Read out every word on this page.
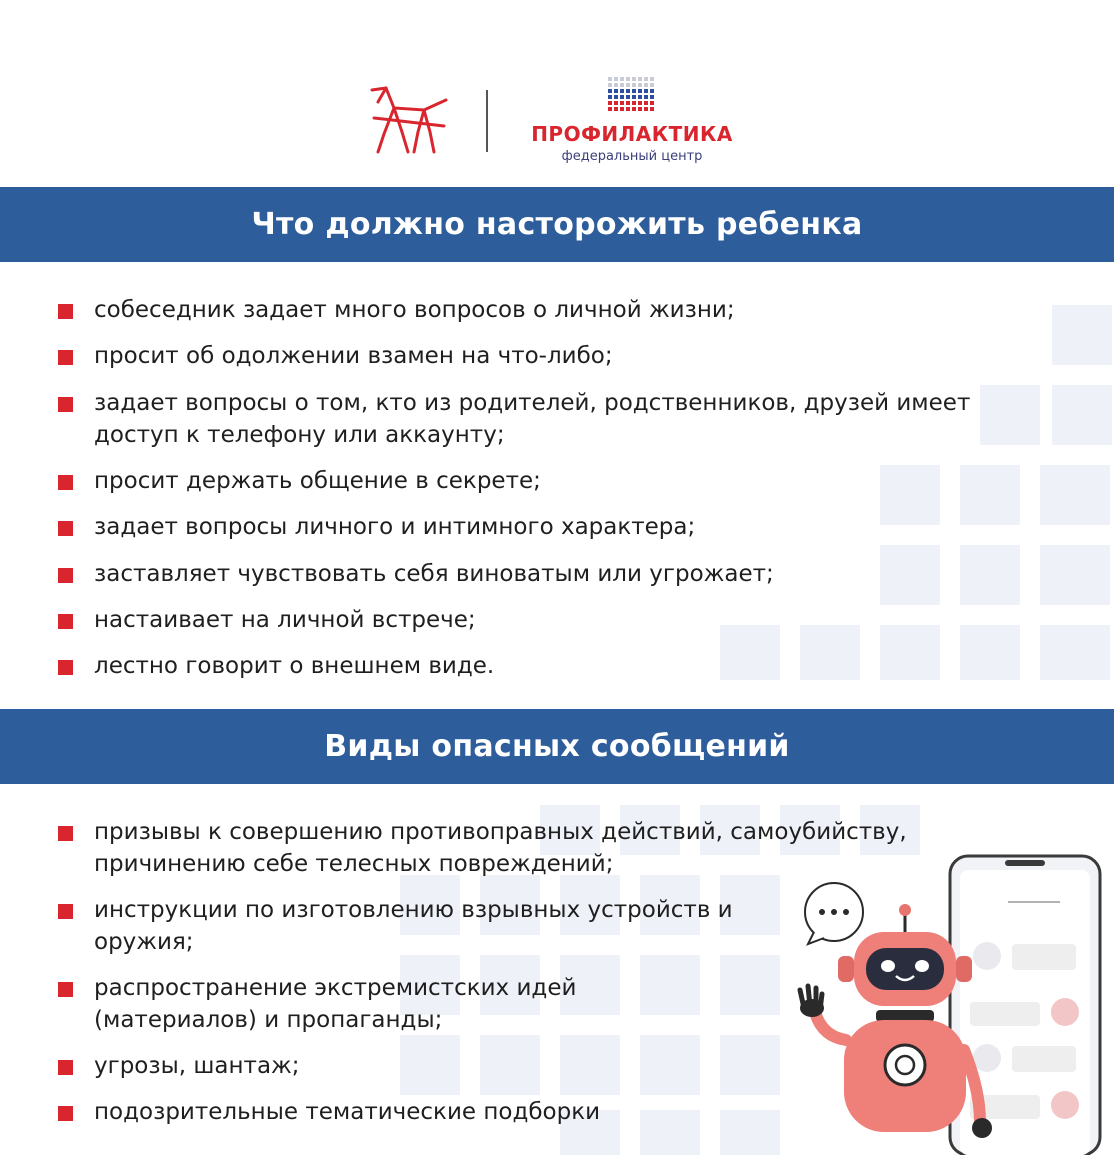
ПРОФИЛАКТИКА
федеральный центр
Что должно насторожить ребенка
собеседник задает много вопросов о личной жизни;
просит об одолжении взамен на что-либо;
задает вопросы о том, кто из родителей, родственников, друзей имеет доступ к телефону или аккаунту;
просит держать общение в секрете;
задает вопросы личного и интимного характера;
заставляет чувствовать себя виноватым или угрожает;
настаивает на личной встрече;
лестно говорит о внешнем виде.
Виды опасных сообщений
призывы к совершению противоправных действий, самоубийству, причинению себе телесных повреждений;
инструкции по изготовлению взрывных устройств и оружия;
распространение экстремистских идей (материалов) и пропаганды;
угрозы, шантаж;
подозрительные тематические подборки
